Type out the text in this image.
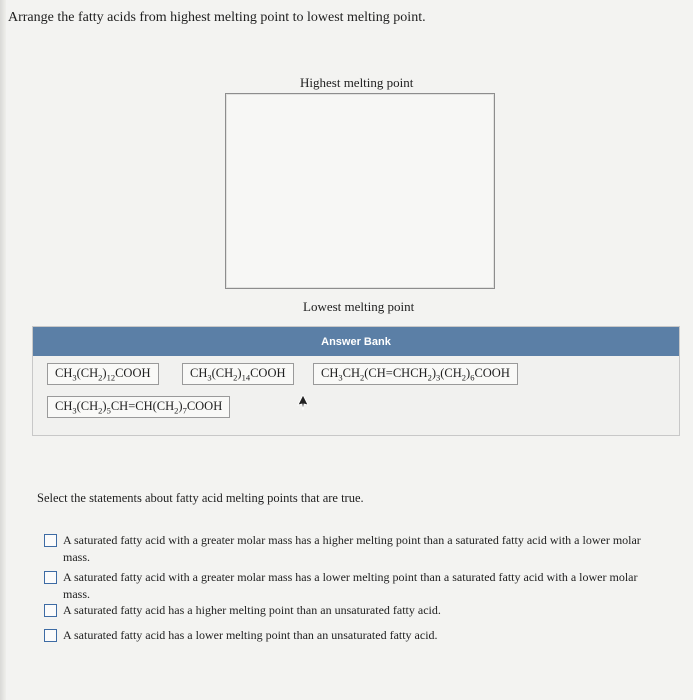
Arrange the fatty acids from highest melting point to lowest melting point.
Highest melting point
Lowest melting point
Answer Bank
$CH_3(CH_2)_{12}COOH$	$CH_3(CH_2)_{14}COOH$	$CH_3CH_2(CH=CHCH_2)_3(CH_2)_6COOH$
$CH_3(CH_2)_5CH=CH(CH_2)_7COOH$
Select the statements about fatty acid melting points that are true.
A saturated fatty acid with a greater molar mass has a higher melting point than a saturated fatty acid with a lower molar mass.
A saturated fatty acid with a greater molar mass has a lower melting point than a saturated fatty acid with a lower molar mass.
A saturated fatty acid has a higher melting point than an unsaturated fatty acid.
A saturated fatty acid has a lower melting point than an unsaturated fatty acid.
